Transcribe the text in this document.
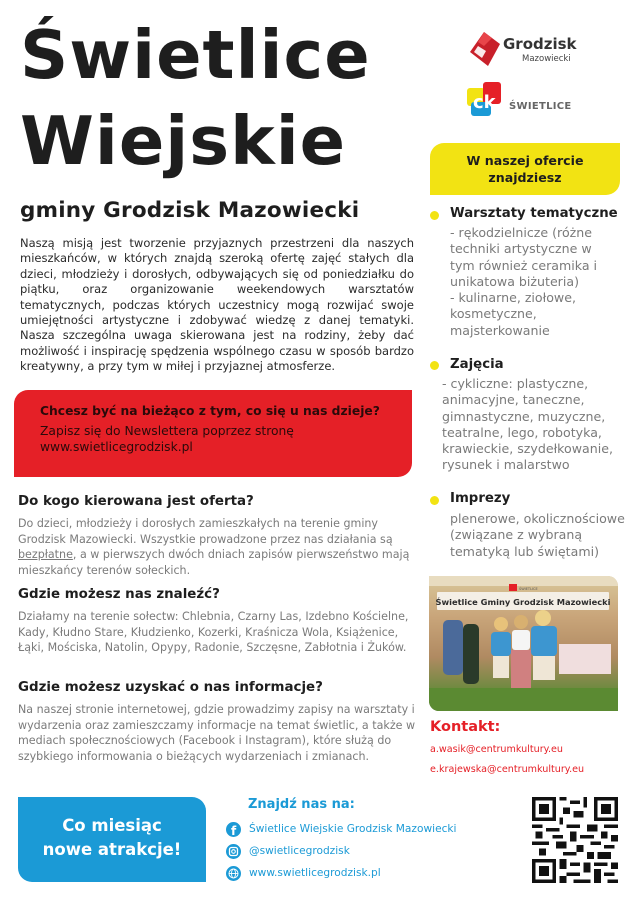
Świetlice
Wiejskie
gminy Grodzisk Mazowiecki
Grodzisk
Mazowiecki
ck ŚWIETLICE
Naszą misją jest tworzenie przyjaznych przestrzeni dla naszych mieszkańców, w których znajdą szeroką ofertę zajęć stałych dla dzieci, młodzieży i dorosłych, odbywających się od poniedziałku do piątku, oraz organizowanie weekendowych warsztatów tematycznych, podczas których uczestnicy mogą rozwijać swoje umiejętności artystyczne i zdobywać wiedzę z danej tematyki. Nasza szczególna uwaga skierowana jest na rodziny, żeby dać możliwość i inspirację spędzenia wspólnego czasu w sposób bardzo kreatywny, a przy tym w miłej i przyjaznej atmosferze.
Chcesz być na bieżąco z tym, co się u nas dzieje?
Zapisz się do Newslettera poprzez stronę
www.swietlicegrodzisk.pl
Do kogo kierowana jest oferta?
Do dzieci, młodzieży i dorosłych zamieszkałych na terenie gminy Grodzisk Mazowiecki. Wszystkie prowadzone przez nas działania są bezpłatne, a w pierwszych dwóch dniach zapisów pierwszeństwo mają mieszkańcy terenów sołeckich.
Gdzie możesz nas znaleźć?
Działamy na terenie sołectw: Chlebnia, Czarny Las, Izdebno Kościelne, Kady, Kłudno Stare, Kłudzienko, Kozerki, Kraśnicza Wola, Książenice, Łąki, Mościska, Natolin, Opypy, Radonie, Szczęsne, Zabłotnia i Żuków.
Gdzie możesz uzyskać o nas informacje?
Na naszej stronie internetowej, gdzie prowadzimy zapisy na warsztaty i wydarzenia oraz zamieszczamy informacje na temat świetlic, a także w mediach społecznościowych (Facebook i Instagram), które służą do szybkiego informowania o bieżących wydarzeniach i zmianach.
W naszej ofercie
znajdziesz
Warsztaty tematyczne
- rękodzielnicze (różne
techniki artystyczne w
tym również ceramika i
unikatowa biżuteria)
- kulinarne, ziołowe,
kosmetyczne,
majsterkowanie
Zajęcia
- cykliczne: plastyczne,
animacyjne, taneczne,
gimnastyczne, muzyczne,
teatralne, lego, robotyka,
krawieckie, szydełkowanie,
rysunek i malarstwo
Imprezy
plenerowe, okolicznościowe
(związane z wybraną
tematyką lub świętami)
Świetlice Gminy Grodzisk Mazowiecki
ŚWIETLICE
Kontakt:
a.wasik@centrumkultury.eu
e.krajewska@centrumkultury.eu
Co miesiąc
nowe atrakcje!
Znajdź nas na:
f Świetlice Wiejskie Grodzisk Mazowiecki
@swietlicegrodzisk
www.swietlicegrodzisk.pl
